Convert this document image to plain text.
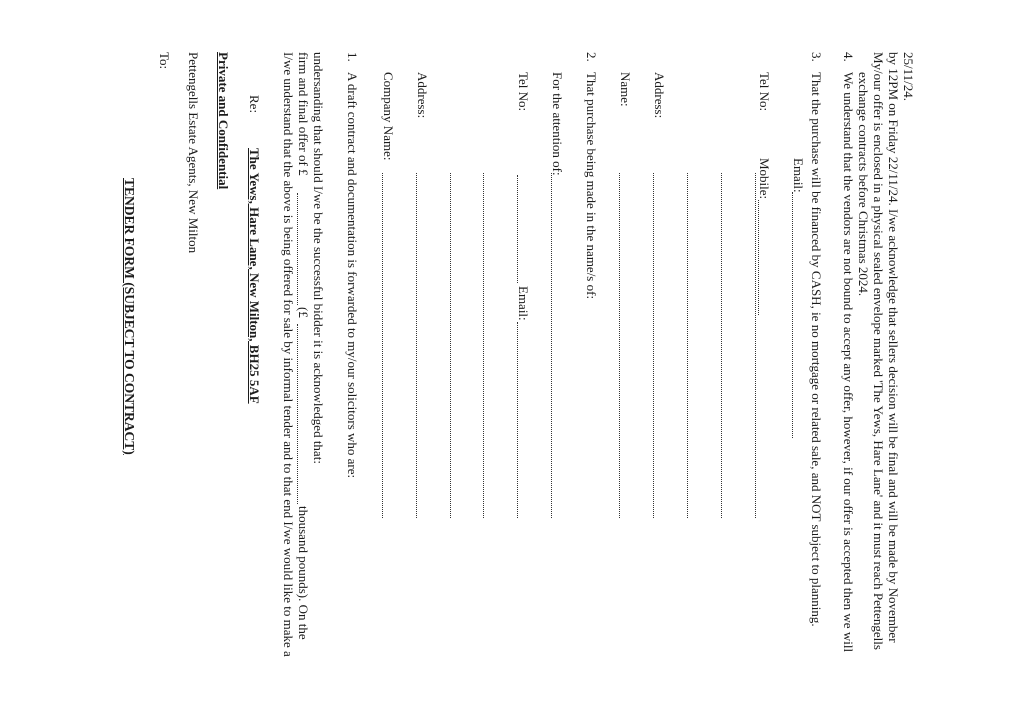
TENDER FORM (SUBJECT TO CONTRACT)
To: Pettengells Estate Agents, New Milton Private and Confidential Re:
The Yews, Hare Lane, New Milton, BH25 5AF I/we understand that the above is being offered for sale by informal tender and to that end I/we would like to make a firm and final offer of £
(£
thousand pounds). On the
undersanding that should I/we be the successful bidder it is acknowledged that: 1.
A draft contract and documentation is forwarded to my/our solicitors who are: Company Name: Address:	Tel No:
Email:
For the attention of:
2.
That purchase being made in the name/s of: Name: Address:	Tel No:
Mobile: Email:
3.
That the purchase will be financed by CASH, ie no mortgage or related sale, and NOT subject to planning.
4.
We understand that the vendors are not bound to accept any offer, however, if our offer is accepted then we will exchange contracts before Christmas 2024. My/our offer is enclosed in a physical sealed envelope marked 'The Yews, Hare Lane' and it must reach Pettengells by 12PM on Friday 22/11/24. I/we acknowledge that sellers decision will be final and will be made by November 25/11/24.
